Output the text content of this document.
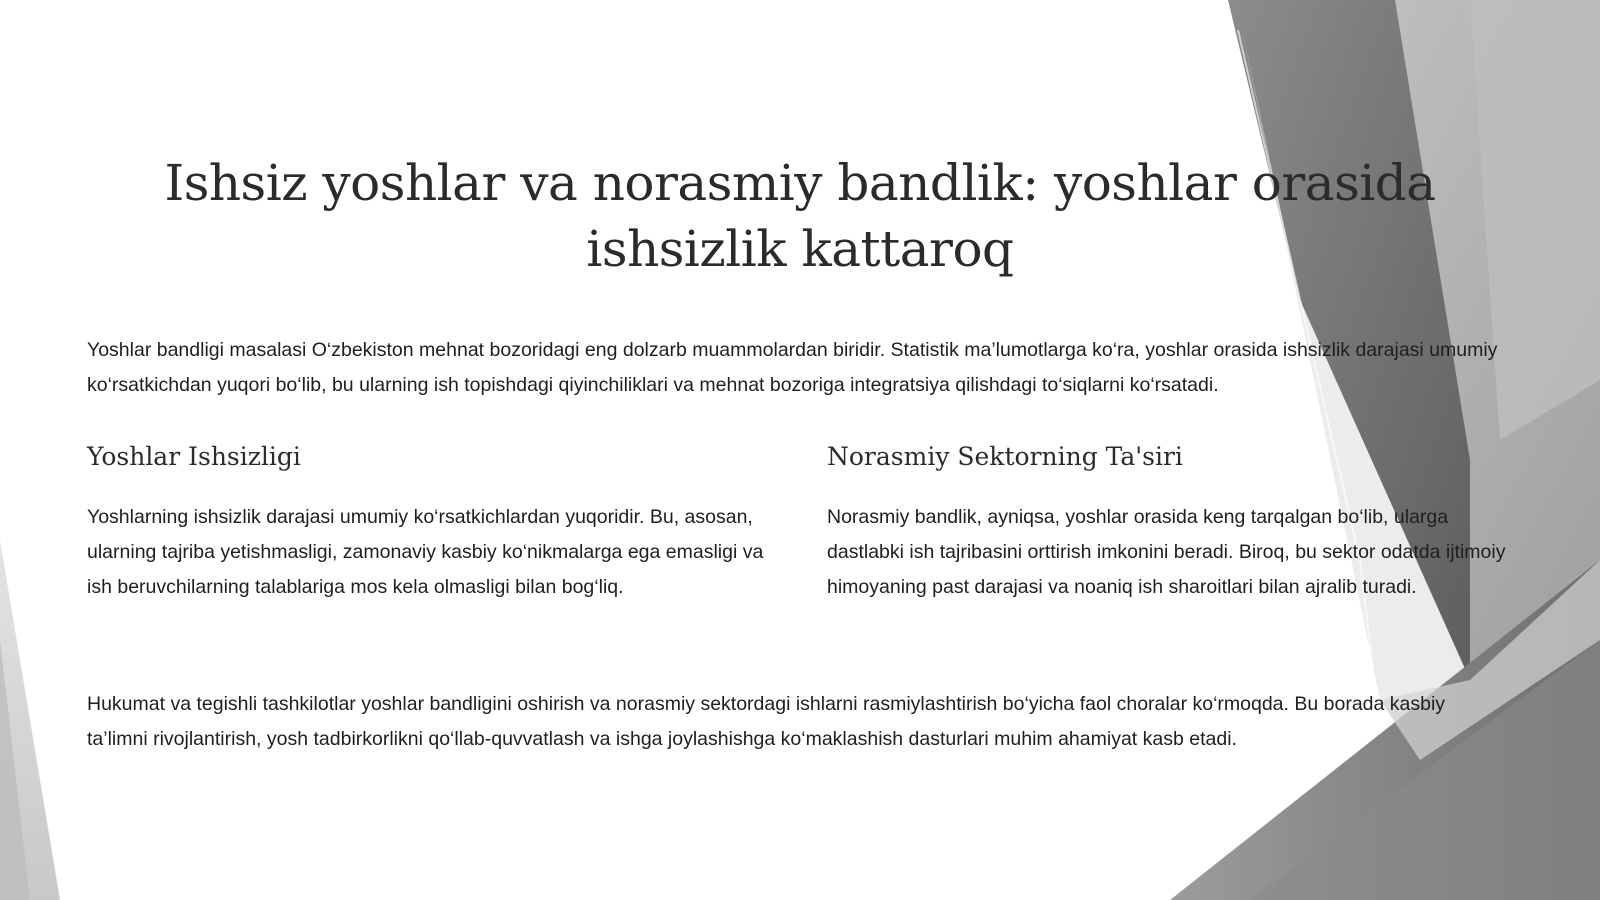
Ishsiz yoshlar va norasmiy bandlik: yoshlar orasida ishsizlik kattaroq

Yoshlar bandligi masalasi O‘zbekiston mehnat bozoridagi eng dolzarb muammolardan biridir. Statistik ma’lumotlarga ko‘ra, yoshlar orasida ishsizlik darajasi umumiy ko‘rsatkichdan yuqori bo‘lib, bu ularning ish topishdagi qiyinchiliklari va mehnat bozoriga integratsiya qilishdagi to‘siqlarni ko‘rsatadi.

Yoshlar Ishsizligi

Yoshlarning ishsizlik darajasi umumiy ko‘rsatkichlardan yuqoridir. Bu, asosan, ularning tajriba yetishmasligi, zamonaviy kasbiy ko‘nikmalarga ega emasligi va ish beruvchilarning talablariga mos kela olmasligi bilan bog‘liq.

Norasmiy Sektorning Ta'siri

Norasmiy bandlik, ayniqsa, yoshlar orasida keng tarqalgan bo‘lib, ularga dastlabki ish tajribasini orttirish imkonini beradi. Biroq, bu sektor odatda ijtimoiy himoyaning past darajasi va noaniq ish sharoitlari bilan ajralib turadi.

Hukumat va tegishli tashkilotlar yoshlar bandligini oshirish va norasmiy sektordagi ishlarni rasmiylashtirish bo‘yicha faol choralar ko‘rmoqda. Bu borada kasbiy ta’limni rivojlantirish, yosh tadbirkorlikni qo‘llab-quvvatlash va ishga joylashishga ko‘maklashish dasturlari muhim ahamiyat kasb etadi.
